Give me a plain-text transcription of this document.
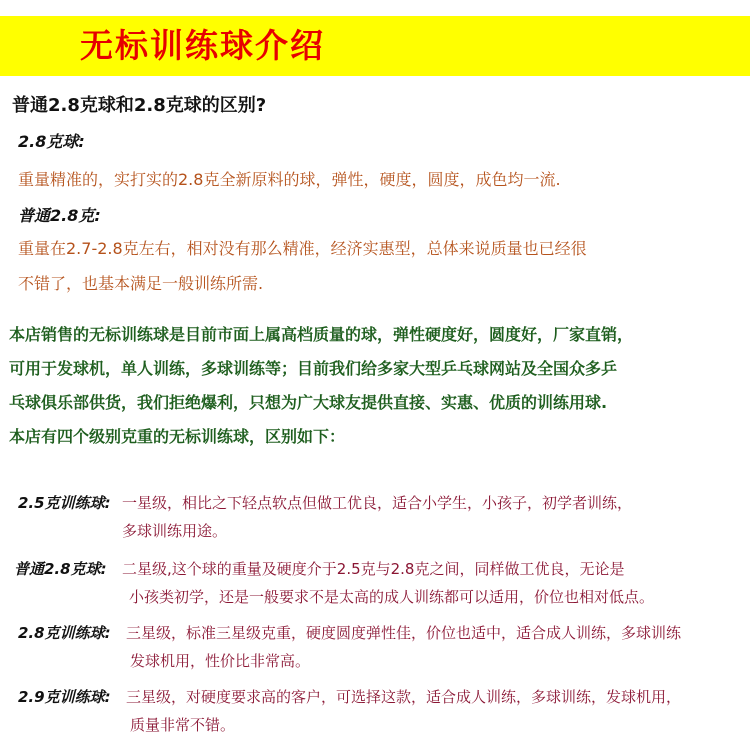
无标训练球介绍
普通2.8克球和2.8克球的区别?
2.8克球:
重量精准的，实打实的2.8克全新原料的球，弹性，硬度，圆度，成色均一流.
普通2.8克:
重量在2.7-2.8克左右，相对没有那么精准，经济实惠型，总体来说质量也已经很
不错了，也基本满足一般训练所需.
本店销售的无标训练球是目前市面上属高档质量的球，弹性硬度好，圆度好，厂家直销，
可用于发球机，单人训练，多球训练等；目前我们给多家大型乒乓球网站及全国众多乒
乓球俱乐部供货，我们拒绝爆利，只想为广大球友提供直接、实惠、优质的训练用球.
本店有四个级别克重的无标训练球，区别如下：
2.5克训练球: 一星级，相比之下轻点软点但做工优良，适合小学生，小孩子，初学者训练，
多球训练用途。
普通2.8克球: 二星级,这个球的重量及硬度介于2.5克与2.8克之间，同样做工优良，无论是
小孩类初学，还是一般要求不是太高的成人训练都可以适用，价位也相对低点。
2.8克训练球: 三星级，标准三星级克重，硬度圆度弹性佳，价位也适中，适合成人训练，多球训练
发球机用，性价比非常高。
2.9克训练球: 三星级，对硬度要求高的客户，可选择这款，适合成人训练，多球训练，发球机用，
质量非常不错。
